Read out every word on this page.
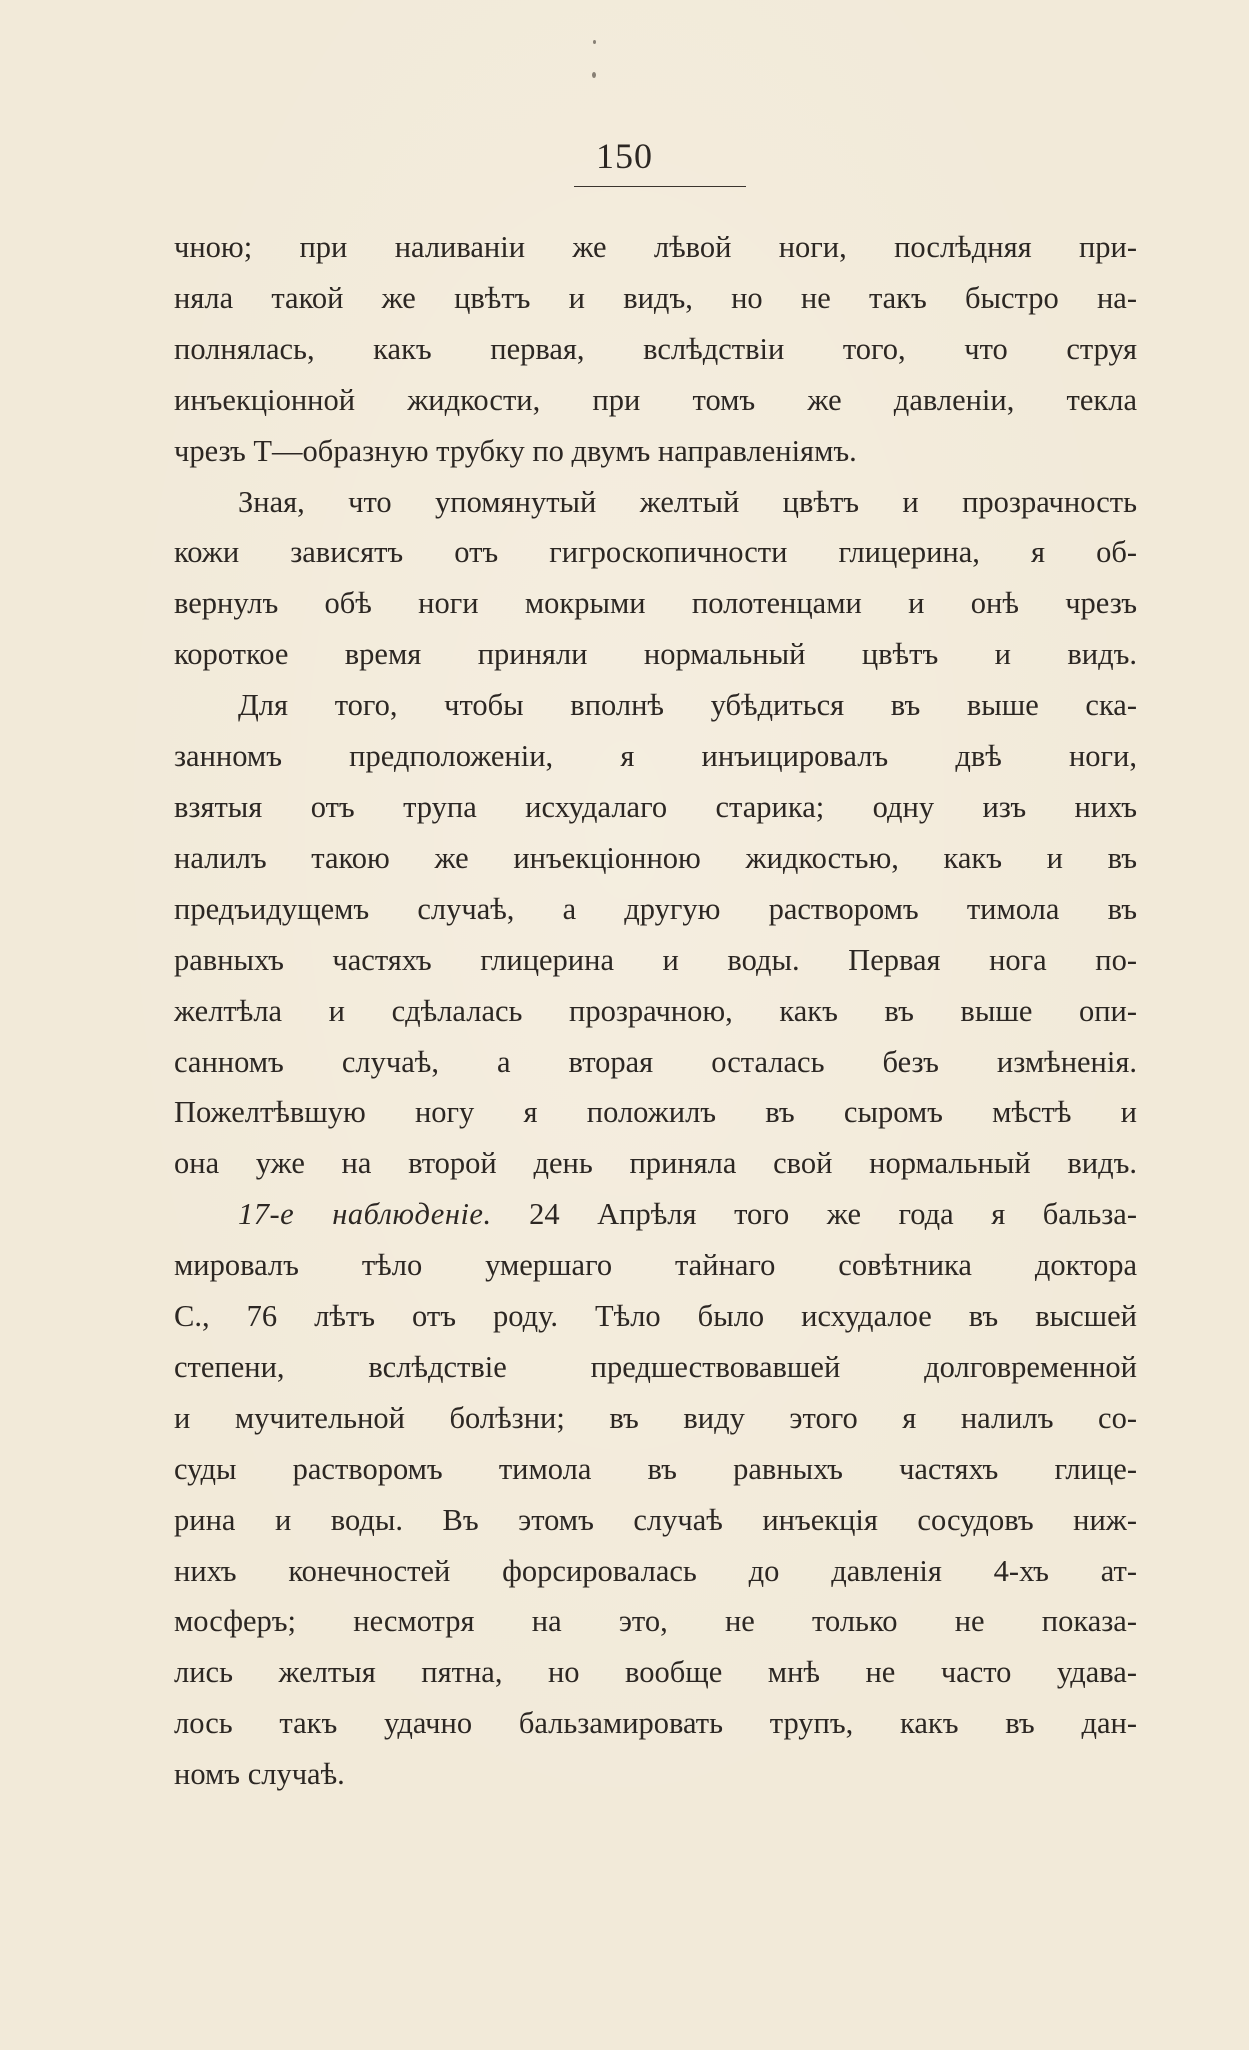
150

чною; при наливанiи же лѣвой ноги, послѣдняя при-
няла такой же цвѣтъ и видъ, но не такъ быстро на-
полнялась, какъ первая, вслѣдствiи того, что струя
инъекцiонной жидкости, при томъ же давленiи, текла
чрезъ Т—образную трубку по двумъ направленiямъ.

Зная, что упомянутый желтый цвѣтъ и прозрачность
кожи зависятъ отъ гигроскопичности глицерина, я об-
вернулъ обѣ ноги мокрыми полотенцами и онѣ чрезъ
короткое время приняли нормальный цвѣтъ и видъ.

Для того, чтобы вполнѣ убѣдиться въ выше ска-
занномъ предположенiи, я инъицировалъ двѣ ноги,
взятыя отъ трупа исхудалаго старика; одну изъ нихъ
налилъ такою же инъекцiонною жидкостью, какъ и въ
предъидущемъ случаѣ, а другую растворомъ тимола въ
равныхъ частяхъ глицерина и воды. Первая нога по-
желтѣла и сдѣлалась прозрачною, какъ въ выше опи-
санномъ случаѣ, а вторая осталась безъ измѣненiя.
Пожелтѣвшую ногу я положилъ въ сыромъ мѣстѣ и
она уже на второй день приняла свой нормальный видъ.

17-е наблюденiе. 24 Апрѣля того же года я бальза-
мировалъ тѣло умершаго тайнаго совѣтника доктора
С., 76 лѣтъ отъ роду. Тѣло было исхудалое въ высшей
степени, вслѣдствiе предшествовавшей долговременной
и мучительной болѣзни; въ виду этого я налилъ со-
суды растворомъ тимола въ равныхъ частяхъ глице-
рина и воды. Въ этомъ случаѣ инъекцiя сосудовъ ниж-
нихъ конечностей форсировалась до давленiя 4-хъ ат-
мосферъ; несмотря на это, не только не показа-
лись желтыя пятна, но вообще мнѣ не часто удава-
лось такъ удачно бальзамировать трупъ, какъ въ дан-
номъ случаѣ.
